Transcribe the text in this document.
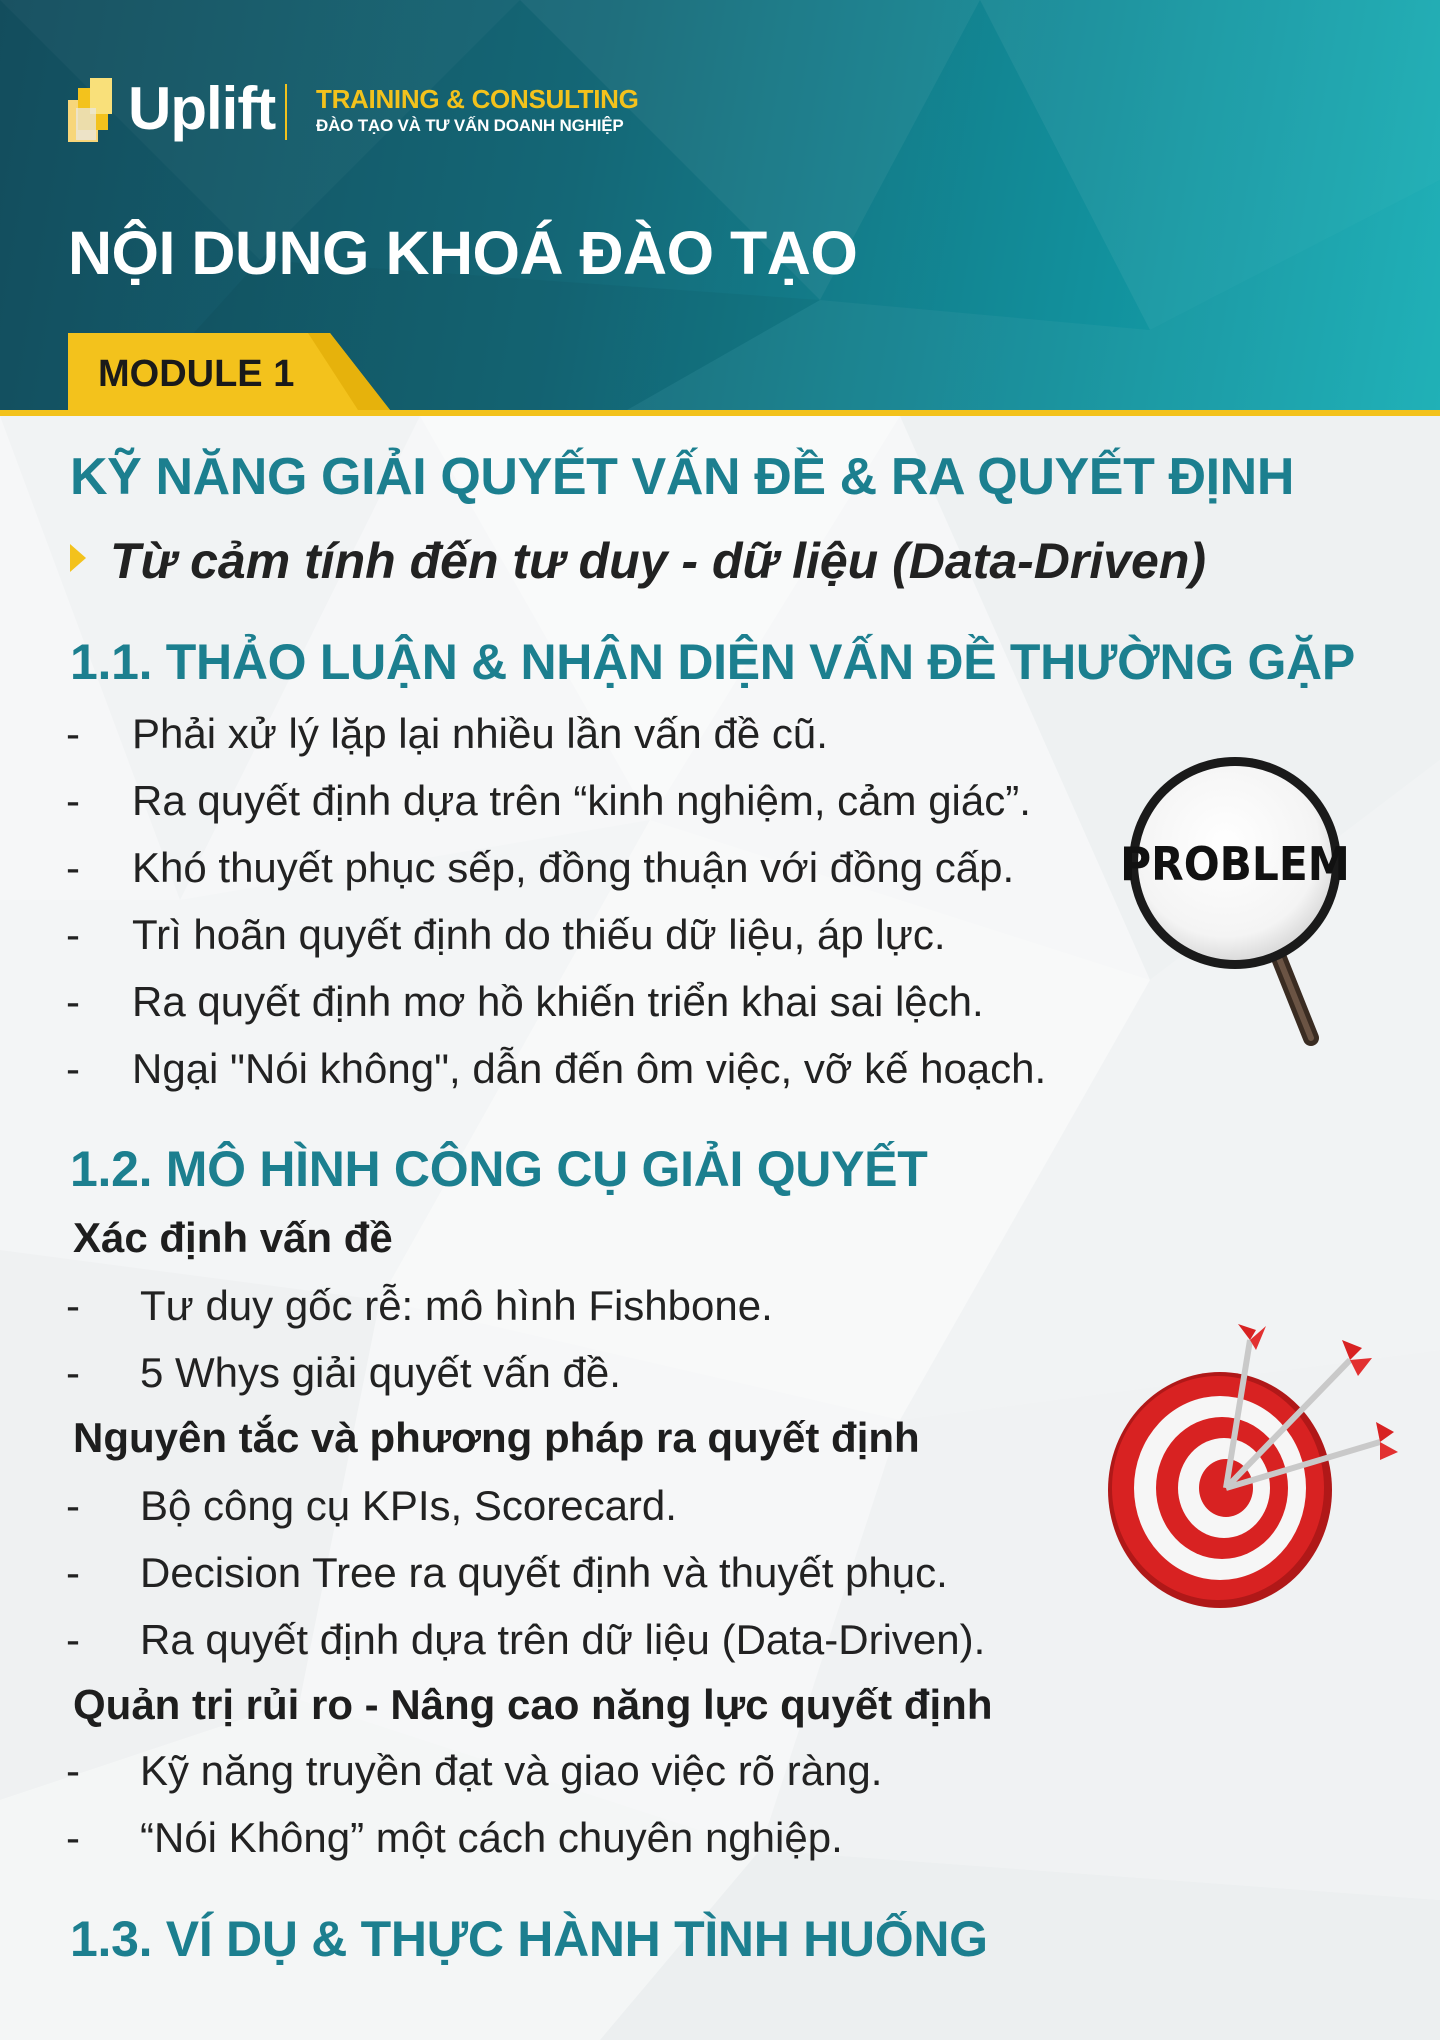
Uplift TRAINING & CONSULTING
ĐÀO TẠO VÀ TƯ VẤN DOANH NGHIỆP
NỘI DUNG KHOÁ ĐÀO TẠO
MODULE 1
KỸ NĂNG GIẢI QUYẾT VẤN ĐỀ & RA QUYẾT ĐỊNH
Từ cảm tính đến tư duy - dữ liệu (Data-Driven)
1.1. THẢO LUẬN & NHẬN DIỆN VẤN ĐỀ THƯỜNG GẶP
- Phải xử lý lặp lại nhiều lần vấn đề cũ.
- Ra quyết định dựa trên “kinh nghiệm, cảm giác”.
- Khó thuyết phục sếp, đồng thuận với đồng cấp.
- Trì hoãn quyết định do thiếu dữ liệu, áp lực.
- Ra quyết định mơ hồ khiến triển khai sai lệch.
- Ngại "Nói không", dẫn đến ôm việc, vỡ kế hoạch.
PROBLEM
1.2. MÔ HÌNH CÔNG CỤ GIẢI QUYẾT
Xác định vấn đề
- Tư duy gốc rễ: mô hình Fishbone.
- 5 Whys giải quyết vấn đề.
Nguyên tắc và phương pháp ra quyết định
- Bộ công cụ KPIs, Scorecard.
- Decision Tree ra quyết định và thuyết phục.
- Ra quyết định dựa trên dữ liệu (Data-Driven).
Quản trị rủi ro - Nâng cao năng lực quyết định
- Kỹ năng truyền đạt và giao việc rõ ràng.
- “Nói Không” một cách chuyên nghiệp.
1.3. VÍ DỤ & THỰC HÀNH TÌNH HUỐNG
